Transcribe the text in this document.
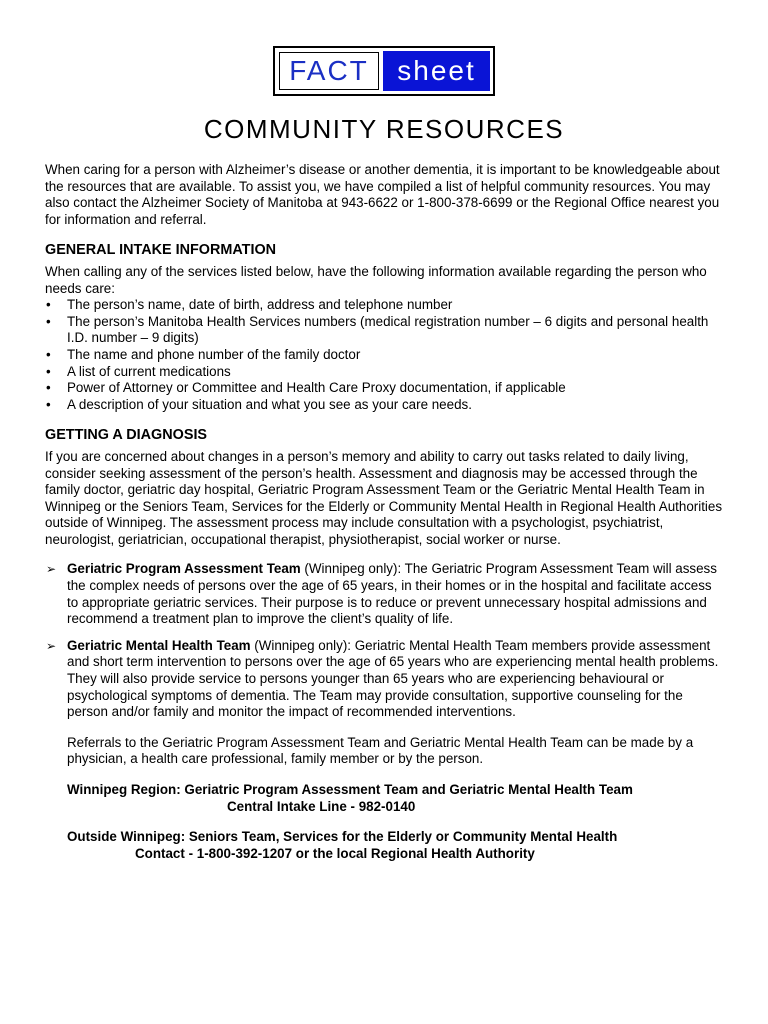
FACT	sheet
COMMUNITY RESOURCES

When caring for a person with Alzheimer’s disease or another dementia, it is important to be knowledgeable about the resources that are available. To assist you, we have compiled a list of helpful community resources. You may also contact the Alzheimer Society of Manitoba at 943-6622 or 1-800-378-6699 or the Regional Office nearest you for information and referral.

GENERAL INTAKE INFORMATION

When calling any of the services listed below, have the following information available regarding the person who needs care:

•	The person’s name, date of birth, address and telephone number
•	The person’s Manitoba Health Services numbers (medical registration number – 6 digits and personal health I.D. number – 9 digits)
•	The name and phone number of the family doctor
•	A list of current medications
•	Power of Attorney or Committee and Health Care Proxy documentation, if applicable
•	A description of your situation and what you see as your care needs.
GETTING A DIAGNOSIS

If you are concerned about changes in a person’s memory and ability to carry out tasks related to daily living, consider seeking assessment of the person’s health. Assessment and diagnosis may be accessed through the family doctor, geriatric day hospital, Geriatric Program Assessment Team or the Geriatric Mental Health Team in Winnipeg or the Seniors Team, Services for the Elderly or Community Mental Health in Regional Health Authorities outside of Winnipeg. The assessment process may include consultation with a psychologist, psychiatrist, neurologist, geriatrician, occupational therapist, physiotherapist, social worker or nurse.

➢ Geriatric Program Assessment Team (Winnipeg only): The Geriatric Program Assessment Team will assess the complex needs of persons over the age of 65 years, in their homes or in the hospital and facilitate access to appropriate geriatric services. Their purpose is to reduce or prevent unnecessary hospital admissions and recommend a treatment plan to improve the client’s quality of life.
➢ Geriatric Mental Health Team (Winnipeg only): Geriatric Mental Health Team members provide assessment and short term intervention to persons over the age of 65 years who are experiencing mental health problems. They will also provide service to persons younger than 65 years who are experiencing behavioural or psychological symptoms of dementia. The Team may provide consultation, supportive counseling for the person and/or family and monitor the impact of recommended interventions.

Referrals to the Geriatric Program Assessment Team and Geriatric Mental Health Team can be made by a physician, a health care professional, family member or by the person.

Winnipeg Region: Geriatric Program Assessment Team and Geriatric Mental Health Team

Central Intake Line - 982-0140

Outside Winnipeg: Seniors Team, Services for the Elderly or Community Mental Health

Contact - 1-800-392-1207 or the local Regional Health Authority
